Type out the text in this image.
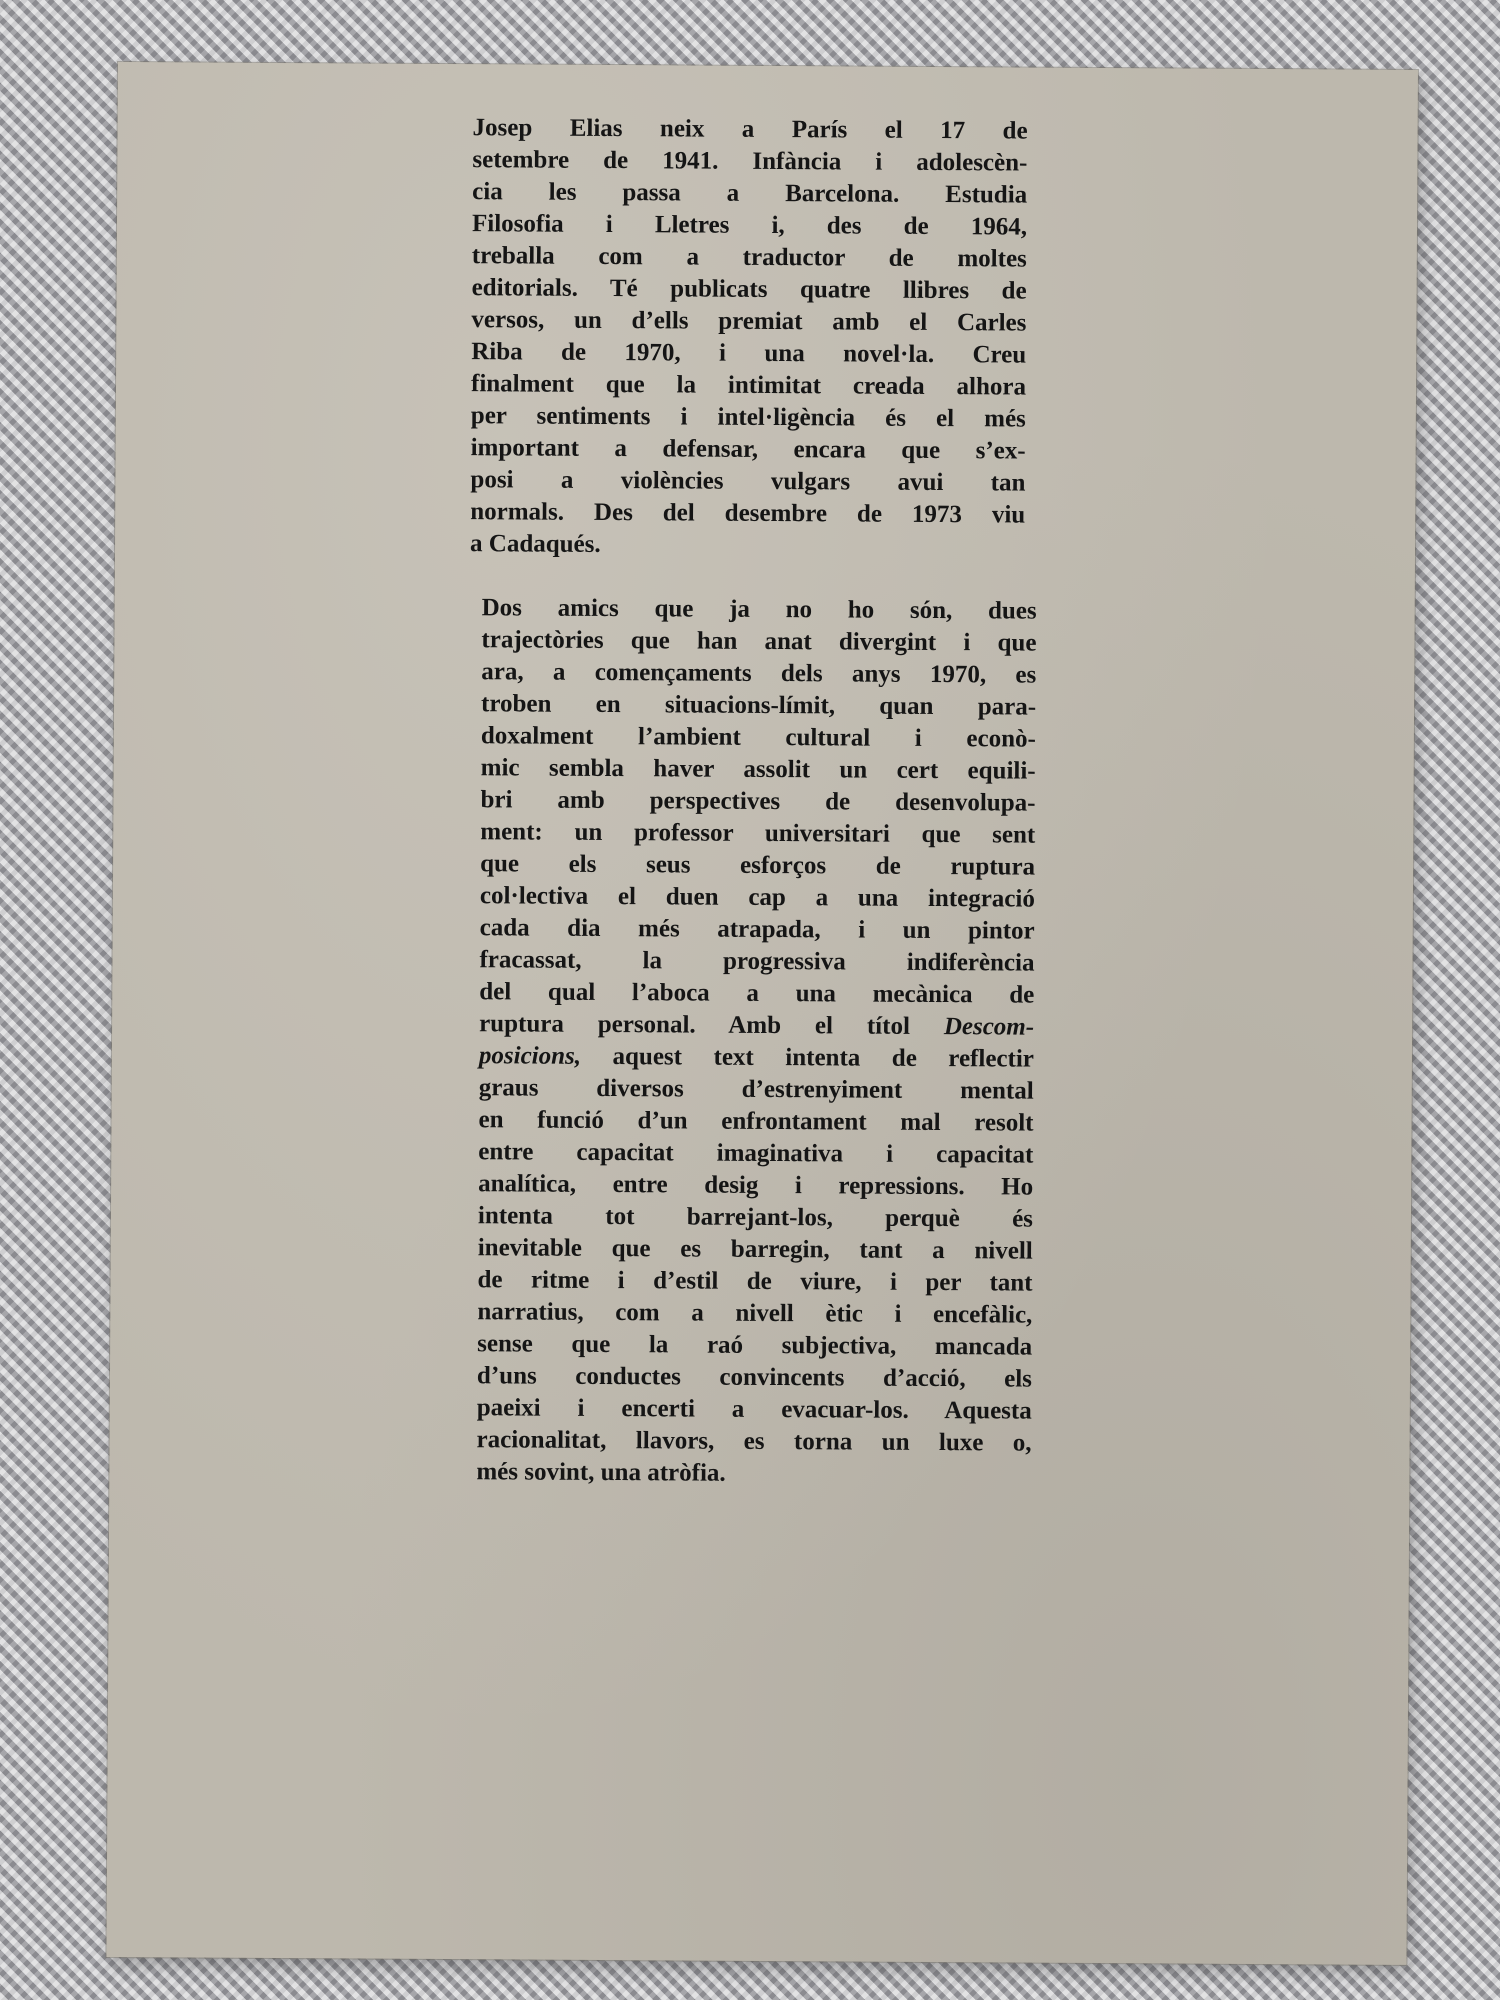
Josep Elias neix a París el 17 de
setembre de 1941. Infància i adolescèn-
cia les passa a Barcelona. Estudia
Filosofia i Lletres i, des de 1964,
treballa com a traductor de moltes
editorials. Té publicats quatre llibres de
versos, un d’ells premiat amb el Carles
Riba de 1970, i una novel·la. Creu
finalment que la intimitat creada alhora
per sentiments i intel·ligència és el més
important a defensar, encara que s’ex-
posi a violències vulgars avui tan
normals. Des del desembre de 1973 viu
a Cadaqués.
Dos amics que ja no ho són, dues
trajectòries que han anat divergint i que
ara, a començaments dels anys 1970, es
troben en situacions-límit, quan para-
doxalment l’ambient cultural i econò-
mic sembla haver assolit un cert equili-
bri amb perspectives de desenvolupa-
ment: un professor universitari que sent
que els seus esforços de ruptura
col·lectiva el duen cap a una integració
cada dia més atrapada, i un pintor
fracassat, la progressiva indiferència
del qual l’aboca a una mecànica de
ruptura personal. Amb el títol Descom-
posicions, aquest text intenta de reflectir
graus diversos d’estrenyiment mental
en funció d’un enfrontament mal resolt
entre capacitat imaginativa i capacitat
analítica, entre desig i repressions. Ho
intenta tot barrejant-los, perquè és
inevitable que es barregin, tant a nivell
de ritme i d’estil de viure, i per tant
narratius, com a nivell ètic i encefàlic,
sense que la raó subjectiva, mancada
d’uns conductes convincents d’acció, els
paeixi i encerti a evacuar-los. Aquesta
racionalitat, llavors, es torna un luxe o,
més sovint, una atròfia.
